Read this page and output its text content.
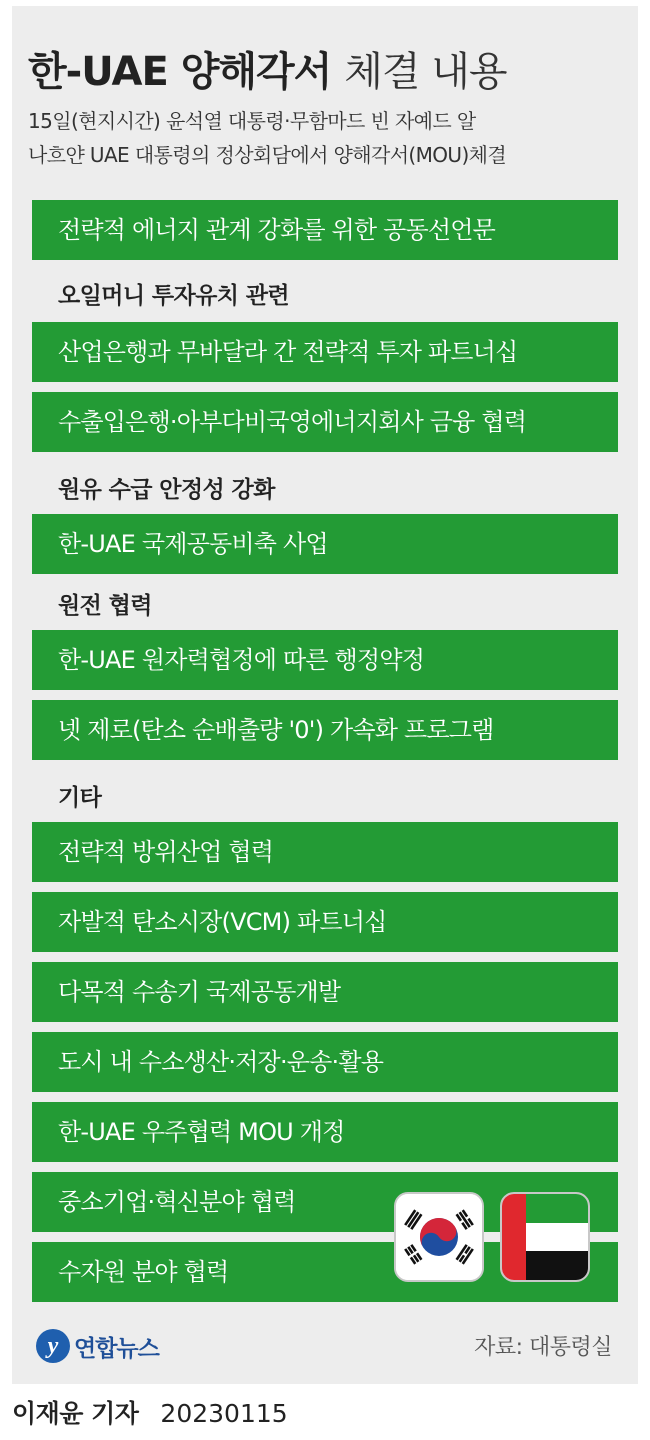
한-UAE 양해각서 체결 내용
15일(현지시간) 윤석열 대통령·무함마드 빈 자예드 알
나흐얀 UAE 대통령의 정상회담에서 양해각서(MOU)체결
전략적 에너지 관계 강화를 위한 공동선언문
오일머니 투자유치 관련
산업은행과 무바달라 간 전략적 투자 파트너십
수출입은행·아부다비국영에너지회사 금융 협력
원유 수급 안정성 강화
한-UAE 국제공동비축 사업
원전 협력
한-UAE 원자력협정에 따른 행정약정
넷 제로(탄소 순배출량 '0') 가속화 프로그램
기타
전략적 방위산업 협력
자발적 탄소시장(VCM) 파트너십
다목적 수송기 국제공동개발
도시 내 수소생산·저장·운송·활용
한-UAE 우주협력 MOU 개정
중소기업·혁신분야 협력
수자원 분야 협력
y 연합뉴스	자료: 대통령실
이재윤 기자 20230115
